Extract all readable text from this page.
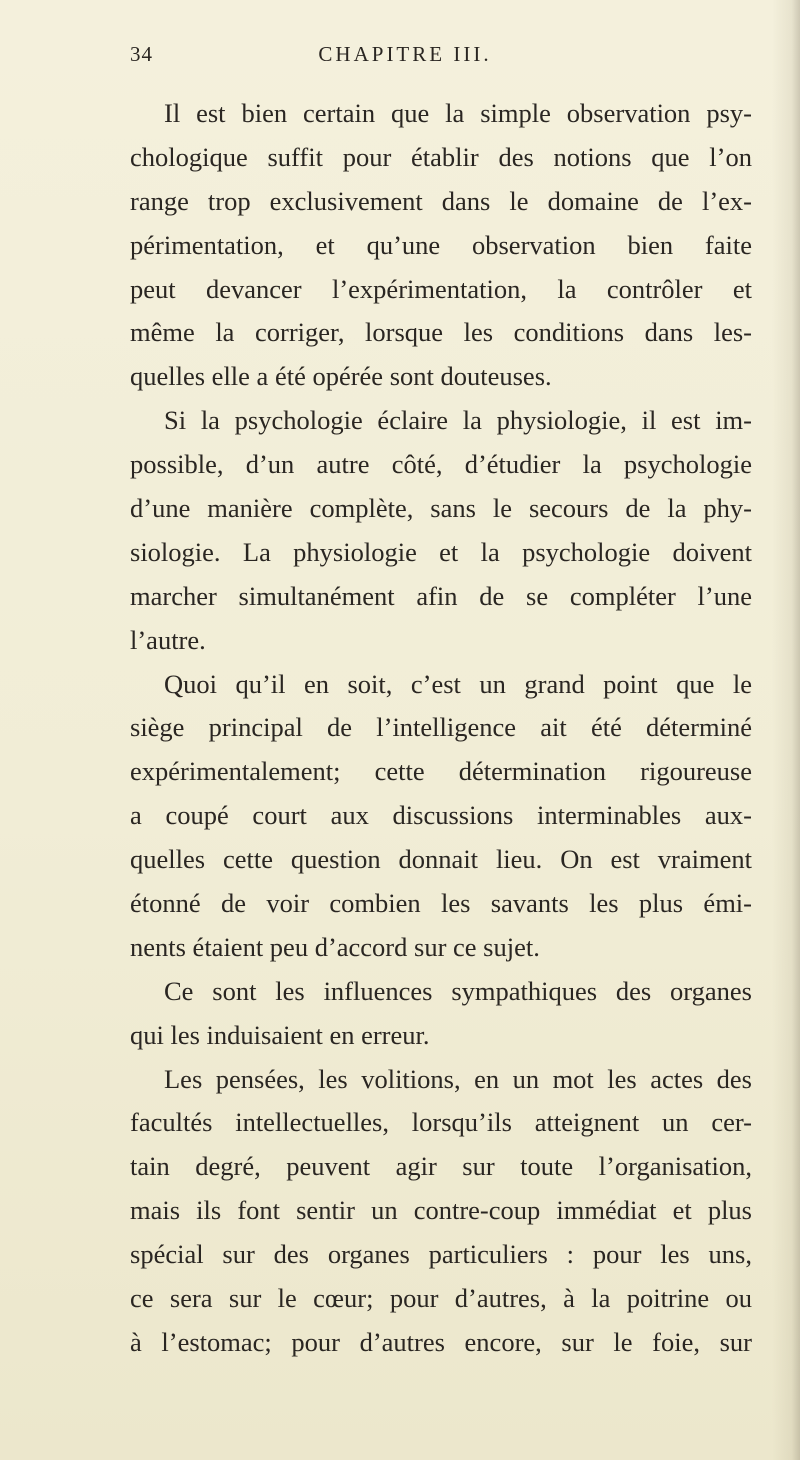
34	CHAPITRE III.
Il est bien certain que la simple observation psy-
chologique suffit pour établir des notions que l’on
range trop exclusivement dans le domaine de l’ex-
périmentation, et qu’une observation bien faite
peut devancer l’expérimentation, la contrôler et
même la corriger, lorsque les conditions dans les-
quelles elle a été opérée sont douteuses.
Si la psychologie éclaire la physiologie, il est im-
possible, d’un autre côté, d’étudier la psychologie
d’une manière complète, sans le secours de la phy-
siologie. La physiologie et la psychologie doivent
marcher simultanément afin de se compléter l’une
l’autre.
Quoi qu’il en soit, c’est un grand point que le
siège principal de l’intelligence ait été déterminé
expérimentalement; cette détermination rigoureuse
a coupé court aux discussions interminables aux-
quelles cette question donnait lieu. On est vraiment
étonné de voir combien les savants les plus émi-
nents étaient peu d’accord sur ce sujet.
Ce sont les influences sympathiques des organes
qui les induisaient en erreur.
Les pensées, les volitions, en un mot les actes des
facultés intellectuelles, lorsqu’ils atteignent un cer-
tain degré, peuvent agir sur toute l’organisation,
mais ils font sentir un contre-coup immédiat et plus
spécial sur des organes particuliers : pour les uns,
ce sera sur le cœur; pour d’autres, à la poitrine ou
à l’estomac; pour d’autres encore, sur le foie, sur
